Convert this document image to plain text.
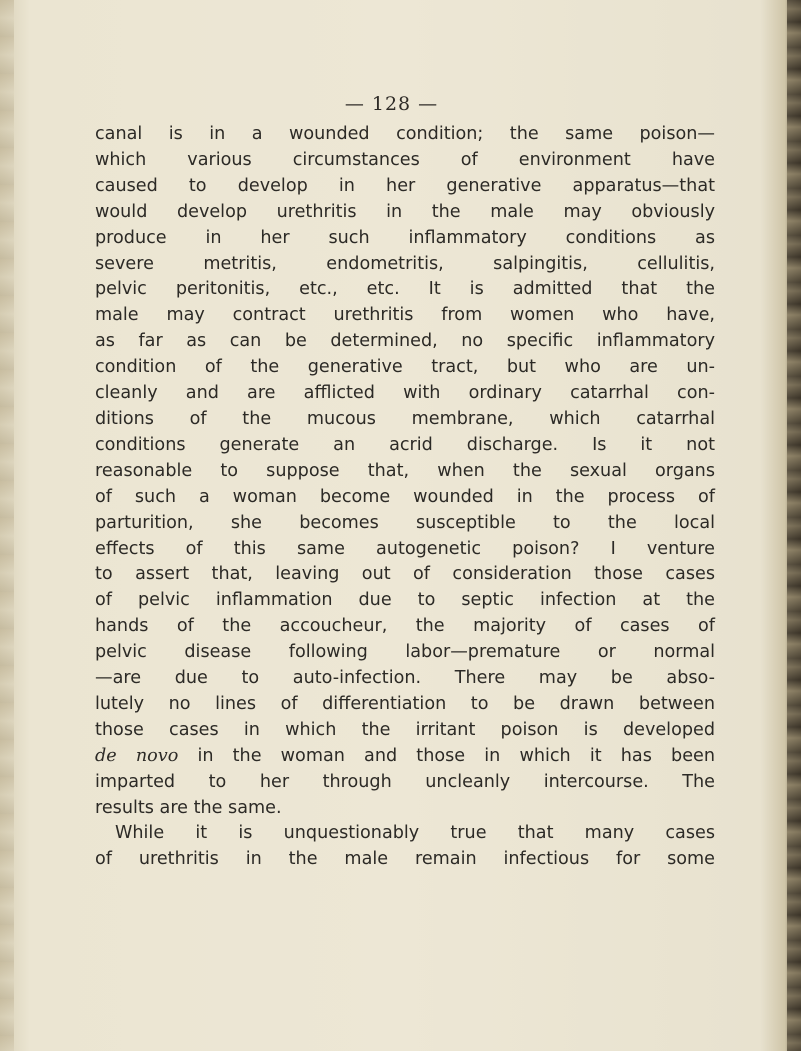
— 128 —
canal is in a wounded condition; the same poison—
which various circumstances of environment have
caused to develop in her generative apparatus—that
would develop urethritis in the male may obviously
produce in her such inflammatory conditions as
severe metritis, endometritis, salpingitis, cellulitis,
pelvic peritonitis, etc., etc. It is admitted that the
male may contract urethritis from women who have,
as far as can be determined, no specific inflammatory
condition of the generative tract, but who are un-
cleanly and are afflicted with ordinary catarrhal con-
ditions of the mucous membrane, which catarrhal
conditions generate an acrid discharge. Is it not
reasonable to suppose that, when the sexual organs
of such a woman become wounded in the process of
parturition, she becomes susceptible to the local
effects of this same autogenetic poison? I venture
to assert that, leaving out of consideration those cases
of pelvic inflammation due to septic infection at the
hands of the accoucheur, the majority of cases of
pelvic disease following labor—premature or normal
—are due to auto-infection. There may be abso-
lutely no lines of differentiation to be drawn between
those cases in which the irritant poison is developed
de novo in the woman and those in which it has been
imparted to her through uncleanly intercourse. The
results are the same.
While it is unquestionably true that many cases
of urethritis in the male remain infectious for some
